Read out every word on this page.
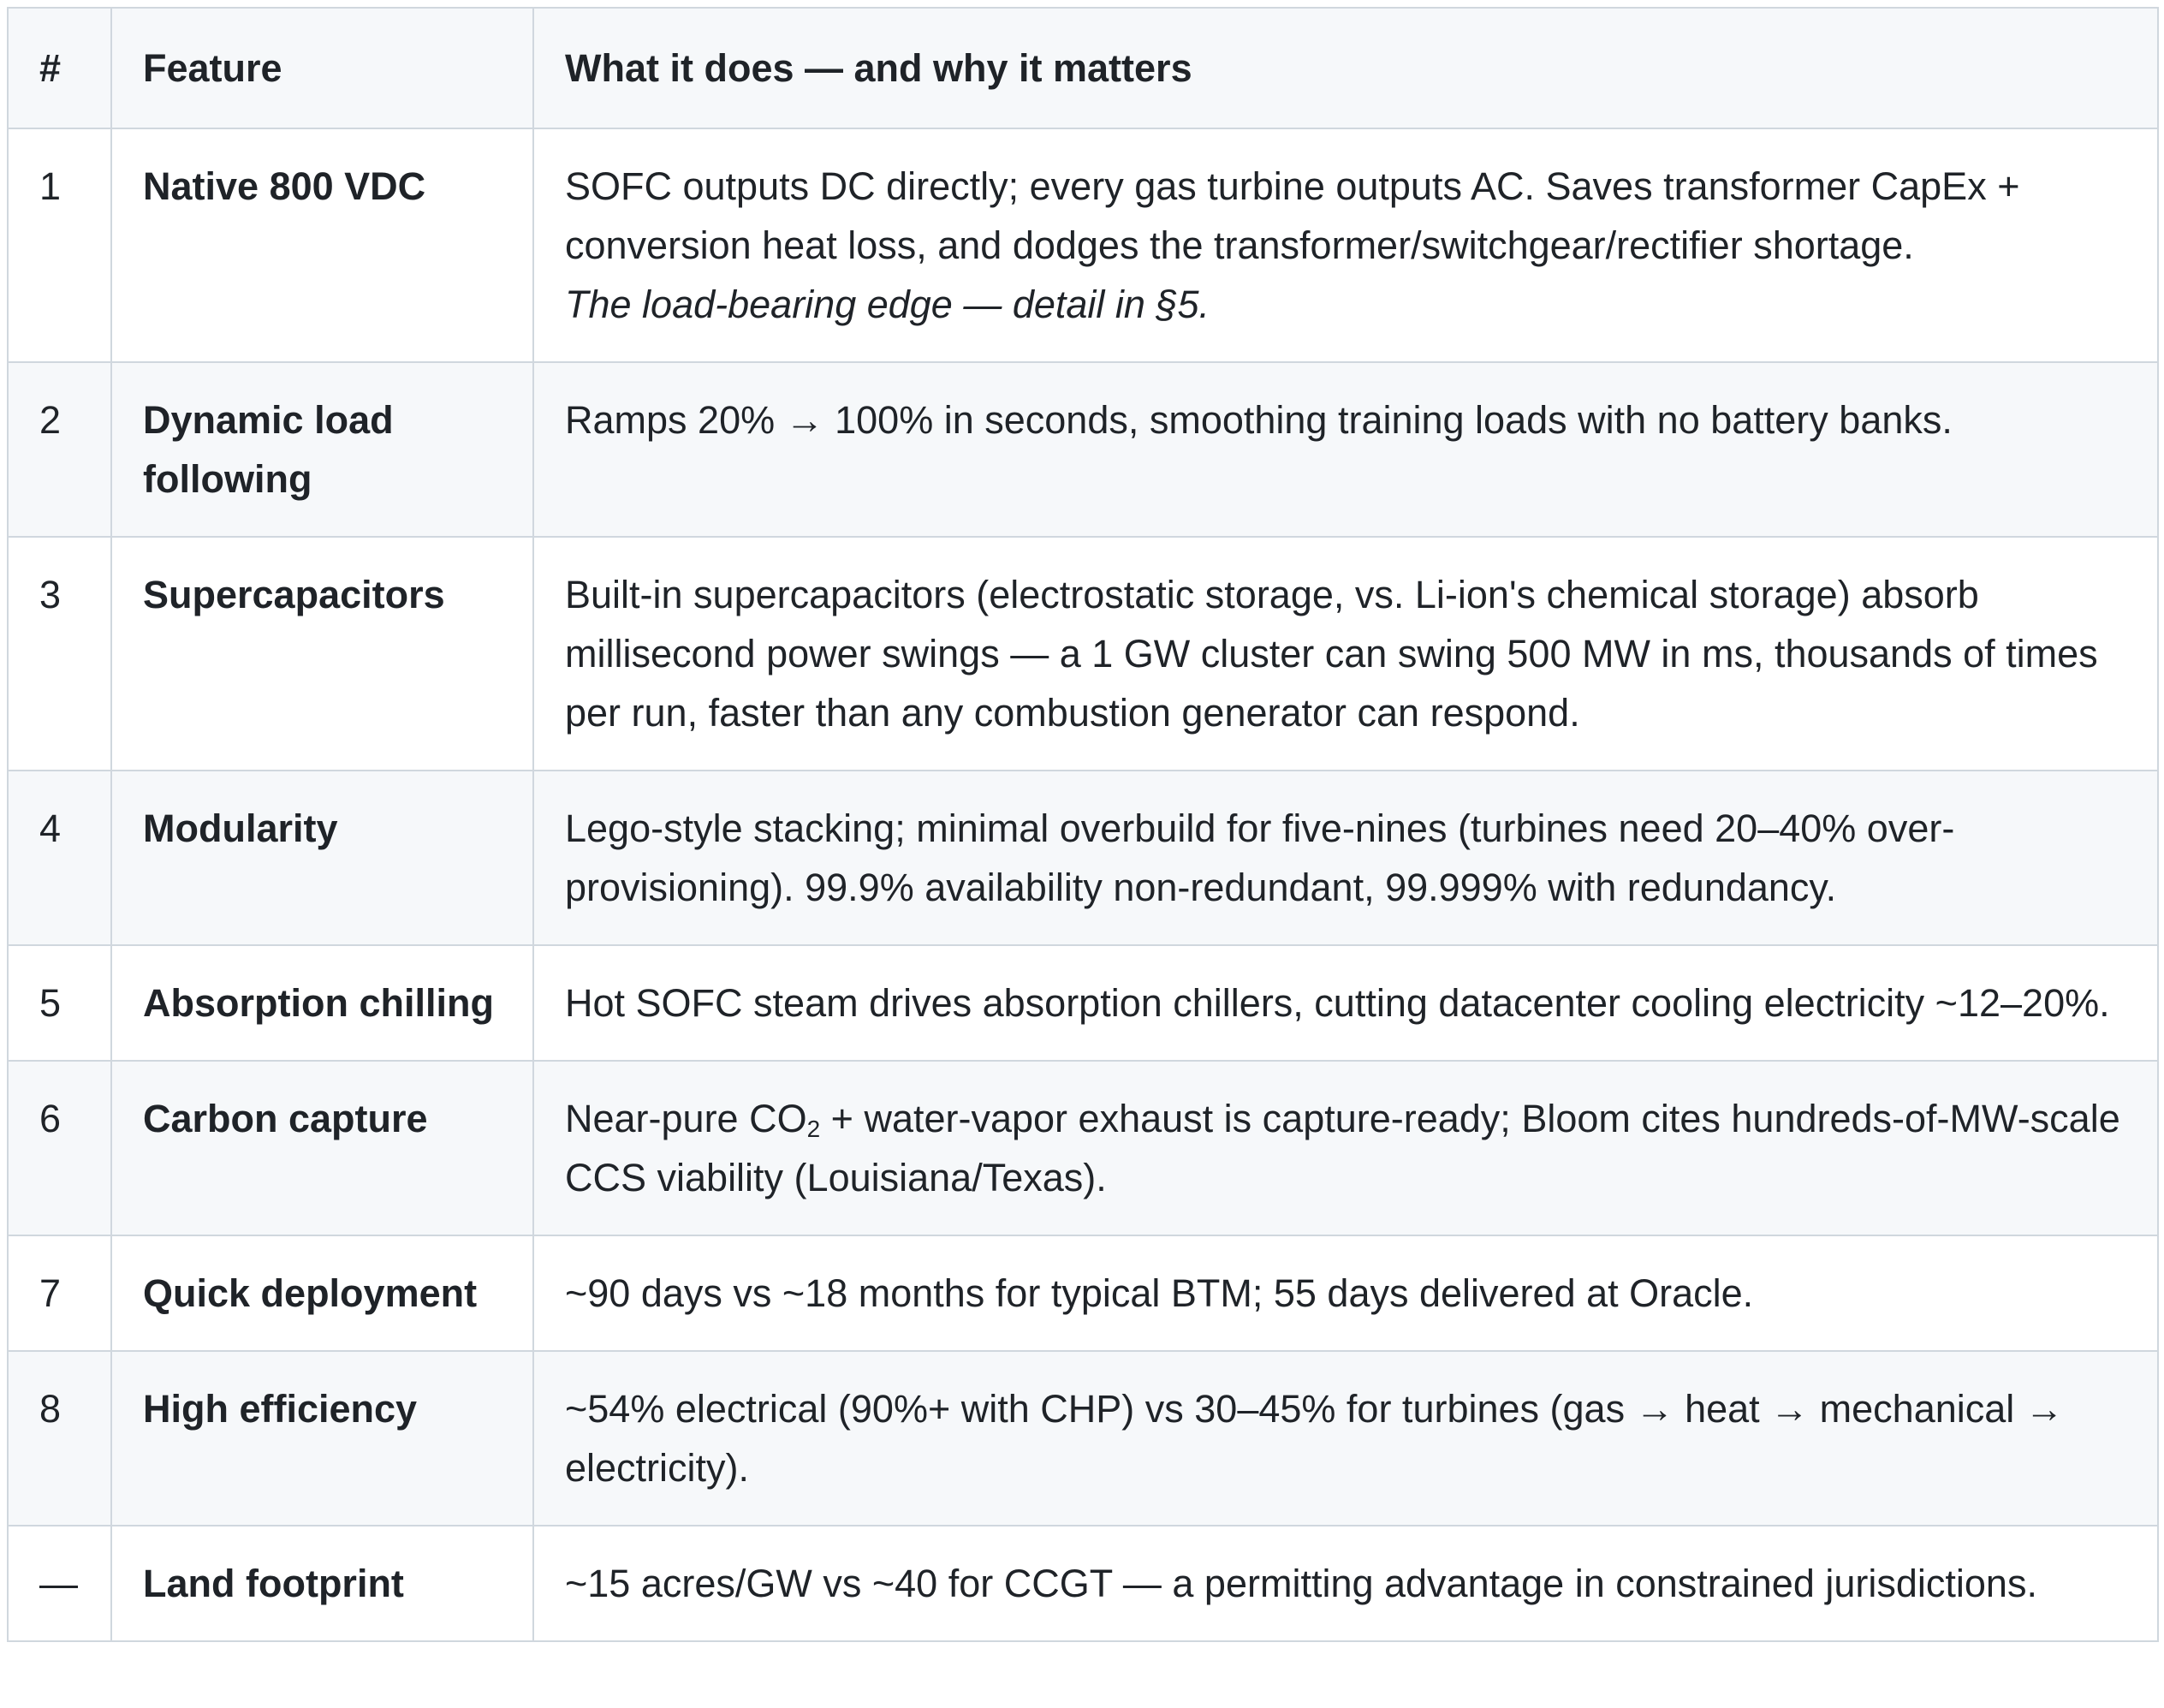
#	Feature	What it does — and why it matters
1	Native 800 VDC	SOFC outputs DC directly; every gas turbine outputs AC. Saves transformer CapEx + conversion heat loss, and dodges the transformer/switchgear/rectifier shortage.
The load-bearing edge — detail in §5.
2	Dynamic load following	Ramps 20% → 100% in seconds, smoothing training loads with no battery banks.
3	Supercapacitors	Built-in supercapacitors (electrostatic storage, vs. Li-ion's chemical storage) absorb millisecond power swings — a 1 GW cluster can swing 500 MW in ms, thousands of times per run, faster than any combustion generator can respond.
4	Modularity	Lego-style stacking; minimal overbuild for five-nines (turbines need 20–40% over-provisioning). 99.9% availability non-redundant, 99.999% with redundancy.
5	Absorption chilling	Hot SOFC steam drives absorption chillers, cutting datacenter cooling electricity ~12–20%.
6	Carbon capture	Near-pure $CO_2$ + water-vapor exhaust is capture-ready; Bloom cites hundreds-of-MW-scale CCS viability (Louisiana/Texas).
7	Quick deployment	~90 days vs ~18 months for typical BTM; 55 days delivered at Oracle.
8	High efficiency	~54% electrical (90%+ with CHP) vs 30–45% for turbines (gas → heat → mechanical → electricity).
—	Land footprint	~15 acres/GW vs ~40 for CCGT — a permitting advantage in constrained jurisdictions.
